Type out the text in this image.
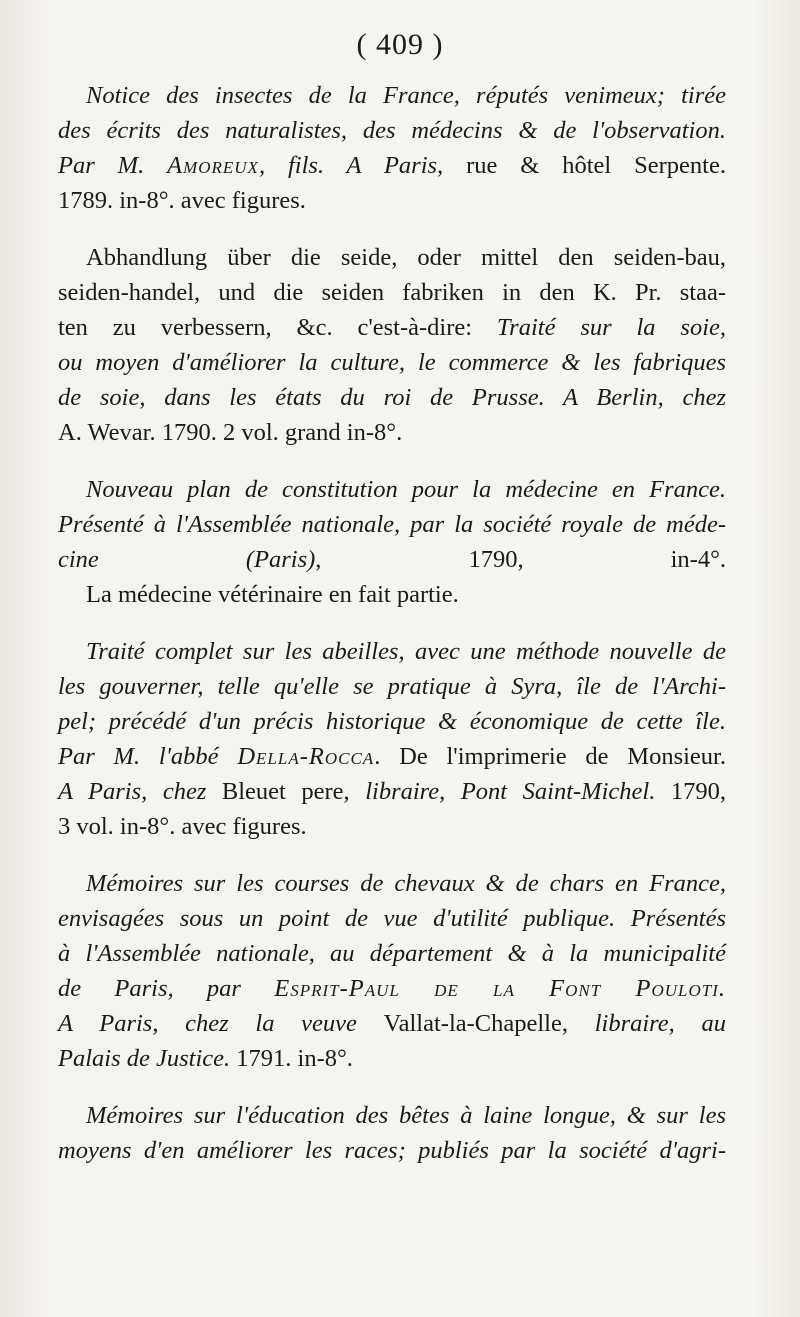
( 409 )
Notice des insectes de la France, réputés venimeux; tirée
des écrits des naturalistes, des médecins & de l'observation.
Par M. Amoreux, fils. A Paris, rue & hôtel Serpente.
1789. in-8°. avec figures.
Abhandlung über die seide, oder mittel den seiden-bau,
seiden-handel, und die seiden fabriken in den K. Pr. staa-
ten zu verbessern, &c. c'est-à-dire: Traité sur la soie,
ou moyen d'améliorer la culture, le commerce & les fabriques
de soie, dans les états du roi de Prusse. A Berlin, chez
A. Wevar. 1790. 2 vol. grand in-8°.
Nouveau plan de constitution pour la médecine en France.
Présenté à l'Assemblée nationale, par la société royale de méde-
cine (Paris), 1790, in-4°.
La médecine vétérinaire en fait partie.
Traité complet sur les abeilles, avec une méthode nouvelle de
les gouverner, telle qu'elle se pratique à Syra, île de l'Archi-
pel; précédé d'un précis historique & économique de cette île.
Par M. l'abbé Della-Rocca. De l'imprimerie de Monsieur.
A Paris, chez Bleuet pere, libraire, Pont Saint-Michel. 1790,
3 vol. in-8°. avec figures.
Mémoires sur les courses de chevaux & de chars en France,
envisagées sous un point de vue d'utilité publique. Présentés
à l'Assemblée nationale, au département & à la municipalité
de Paris, par Esprit-Paul de la Font Pouloti.
A Paris, chez la veuve Vallat-la-Chapelle, libraire, au
Palais de Justice. 1791. in-8°.
Mémoires sur l'éducation des bêtes à laine longue, & sur les
moyens d'en améliorer les races; publiés par la société d'agri-
